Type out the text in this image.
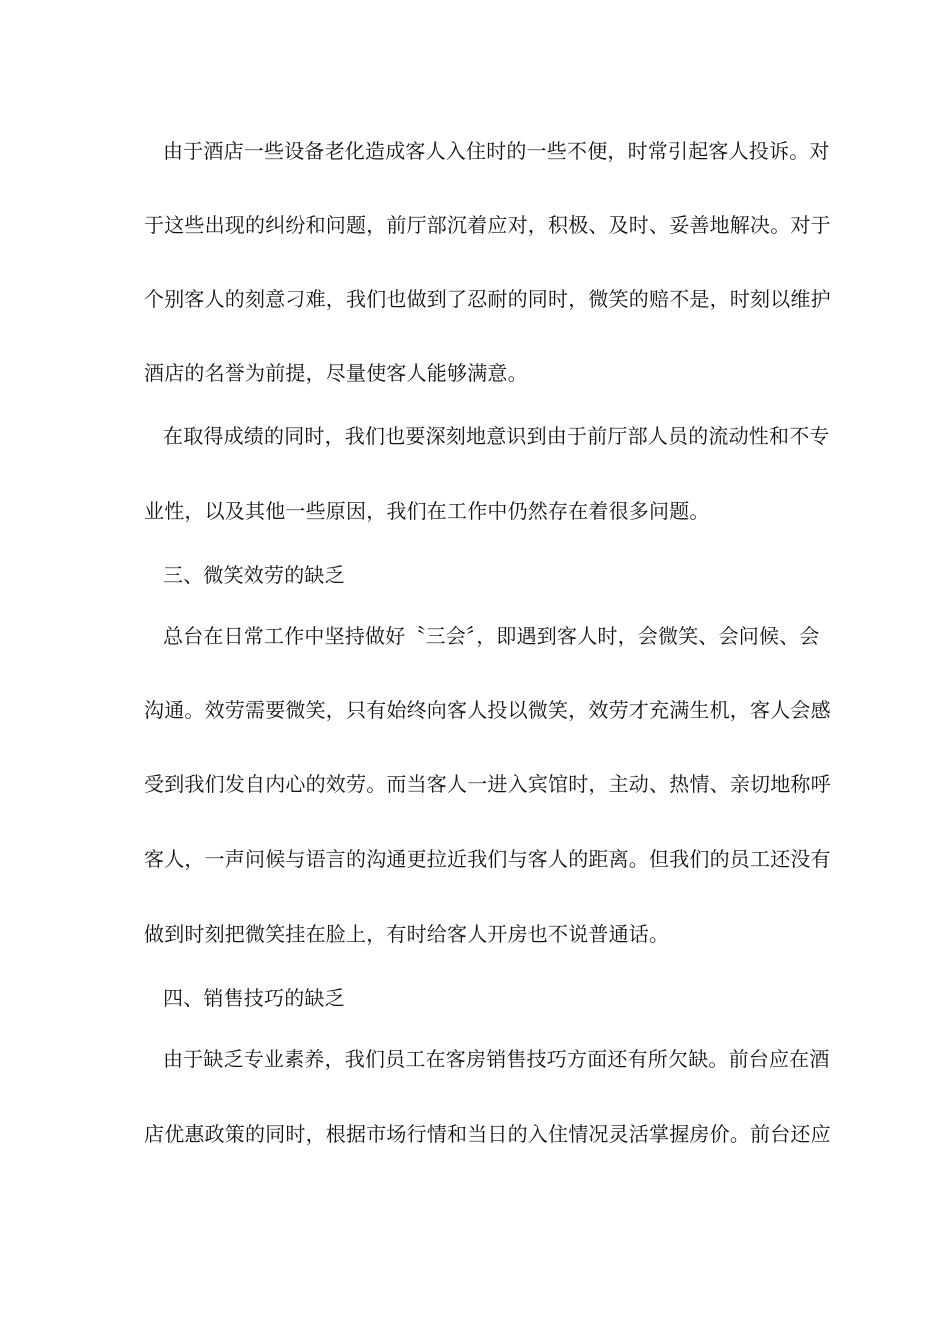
由于酒店一些设备老化造成客人入住时的一些不便，时常引起客人投诉。对
于这些出现的纠纷和问题，前厅部沉着应对，积极、及时、妥善地解决。对于
个别客人的刻意刁难，我们也做到了忍耐的同时，微笑的赔不是，时刻以维护
酒店的名誉为前提，尽量使客人能够满意。
在取得成绩的同时，我们也要深刻地意识到由于前厅部人员的流动性和不专
业性，以及其他一些原因，我们在工作中仍然存在着很多问题。
三、微笑效劳的缺乏
总台在日常工作中坚持做好〝三会〞，即遇到客人时，会微笑、会问候、会
沟通。效劳需要微笑，只有始终向客人投以微笑，效劳才充满生机，客人会感
受到我们发自内心的效劳。而当客人一进入宾馆时，主动、热情、亲切地称呼
客人，一声问候与语言的沟通更拉近我们与客人的距离。但我们的员工还没有
做到时刻把微笑挂在脸上，有时给客人开房也不说普通话。
四、销售技巧的缺乏
由于缺乏专业素养，我们员工在客房销售技巧方面还有所欠缺。前台应在酒
店优惠政策的同时，根据市场行情和当日的入住情况灵活掌握房价。前台还应
